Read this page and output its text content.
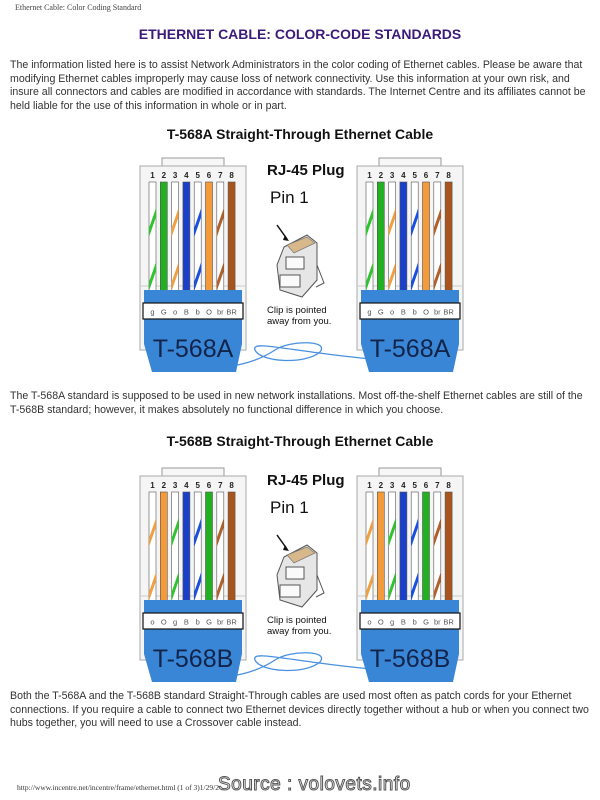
Ethernet Cable: Color Coding Standard
ETHERNET CABLE: COLOR-CODE STANDARDS
The information listed here is to assist Network Administrators in the color coding of Ethernet cables. Please be aware that modifying Ethernet cables improperly may cause loss of network connectivity. Use this information at your own risk, and insure all connectors and cables are modified in accordance with standards. The Internet Centre and its affiliates cannot be held liable for the use of this information in whole or in part.
T-568A Straight-Through Ethernet Cable
The T-568A standard is supposed to be used in new network installations. Most off-the-shelf Ethernet cables are still of the T-568B standard; however, it makes absolutely no functional difference in which you choose.
T-568B Straight-Through Ethernet Cable
Both the T-568A and the T-568B standard Straight-Through cables are used most often as patch cords for your Ethernet connections. If you require a cable to connect two Ethernet devices directly together without a hub or when you connect two hubs together, you will need to use a Crossover cable instead.
1 2 3 4 5 6 7 8
g G o B b O br BR
T-568A
1 2 3 4 5 6 7 8
g G o B b O br BR
T-568A
RJ-45 Plug
Pin 1
Clip is pointed
away from you.
1 2 3 4 5 6 7 8
o O g B b G br BR
T-568B
1 2 3 4 5 6 7 8
o O g B b G br BR
T-568B
RJ-45 Plug
Pin 1
Clip is pointed
away from you.
http://www.incentre.net/incentre/frame/ethernet.html (1 of 3)1/29/2 Source : volovets.info
